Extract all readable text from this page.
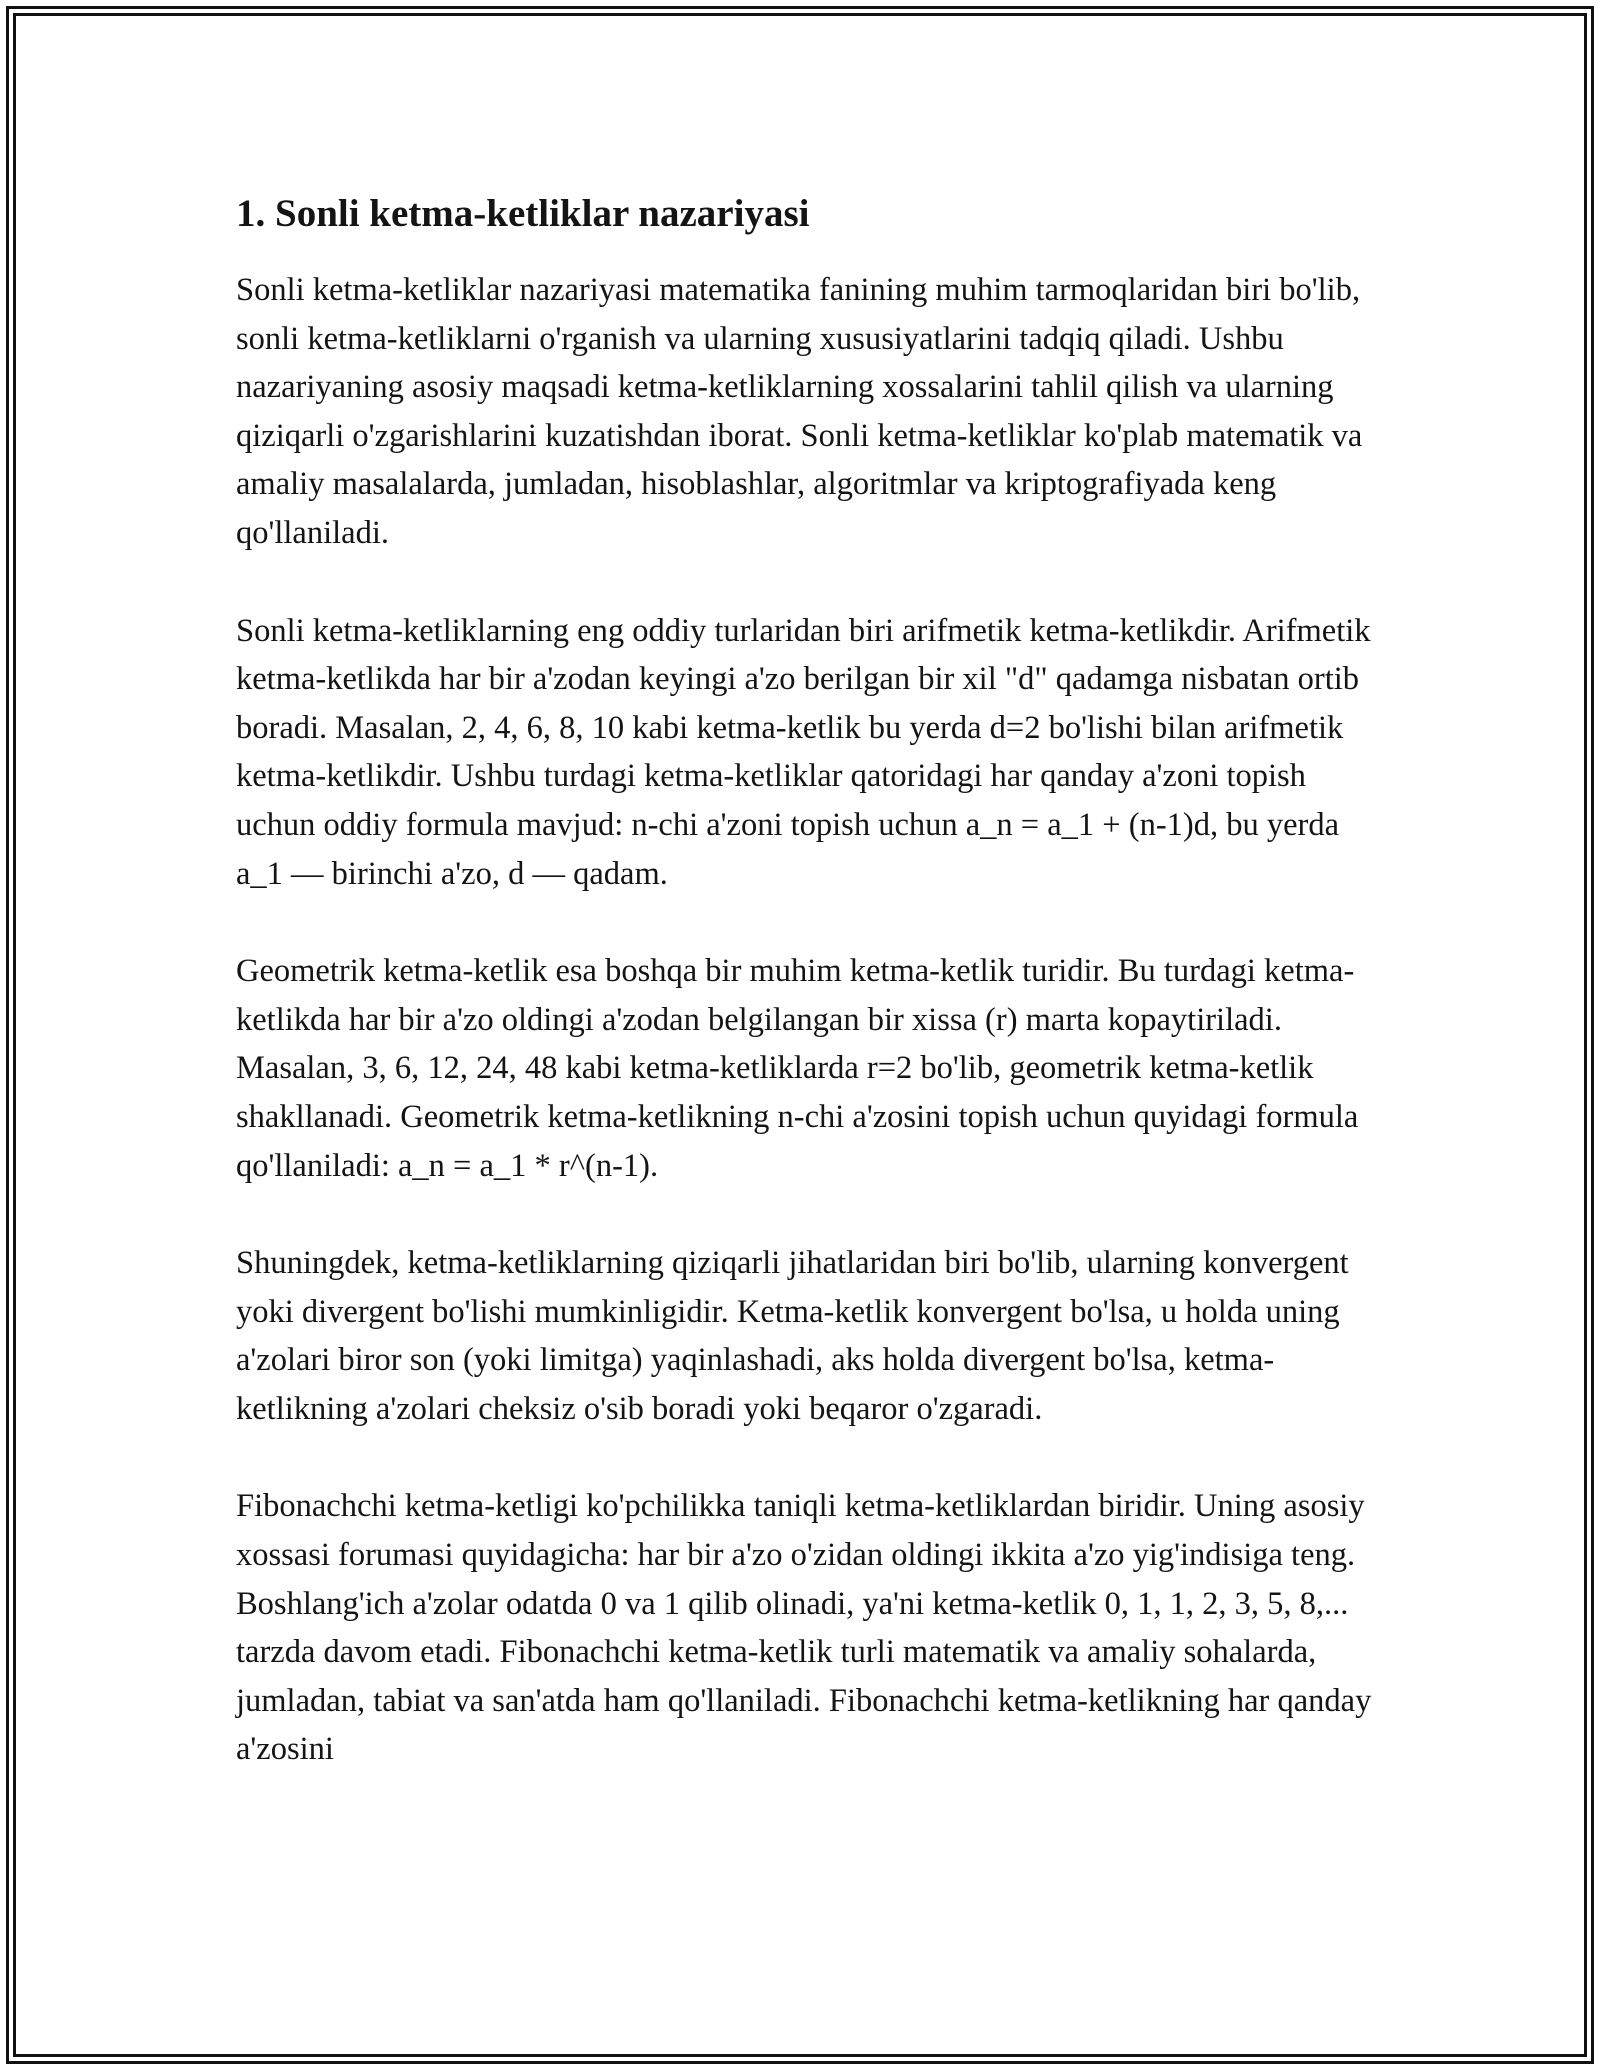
1. Sonli ketma-ketliklar nazariyasi

Sonli ketma-ketliklar nazariyasi matematika fanining muhim tarmoqlaridan biri bo'lib, sonli ketma-ketliklarni o'rganish va ularning xususiyatlarini tadqiq qiladi. Ushbu nazariyaning asosiy maqsadi ketma-ketliklarning xossalarini tahlil qilish va ularning qiziqarli o'zgarishlarini kuzatishdan iborat. Sonli ketma-ketliklar ko'plab matematik va amaliy masalalarda, jumladan, hisoblashlar, algoritmlar va kriptografiyada keng qo'llaniladi.

Sonli ketma-ketliklarning eng oddiy turlaridan biri arifmetik ketma-ketlikdir. Arifmetik ketma-ketlikda har bir a'zodan keyingi a'zo berilgan bir xil "d" qadamga nisbatan ortib boradi. Masalan, 2, 4, 6, 8, 10 kabi ketma-ketlik bu yerda d=2 bo'lishi bilan arifmetik ketma-ketlikdir. Ushbu turdagi ketma-ketliklar qatoridagi har qanday a'zoni topish uchun oddiy formula mavjud: n-chi a'zoni topish uchun a_n = a_1 + (n-1)d, bu yerda a_1 — birinchi a'zo, d — qadam.

Geometrik ketma-ketlik esa boshqa bir muhim ketma-ketlik turidir. Bu turdagi ketma-ketlikda har bir a'zo oldingi a'zodan belgilangan bir xissa (r) marta kopaytiriladi. Masalan, 3, 6, 12, 24, 48 kabi ketma-ketliklarda r=2 bo'lib, geometrik ketma-ketlik shakllanadi. Geometrik ketma-ketlikning n-chi a'zosini topish uchun quyidagi formula qo'llaniladi: a_n = a_1 * r^(n-1).

Shuningdek, ketma-ketliklarning qiziqarli jihatlaridan biri bo'lib, ularning konvergent yoki divergent bo'lishi mumkinligidir. Ketma-ketlik konvergent bo'lsa, u holda uning a'zolari biror son (yoki limitga) yaqinlashadi, aks holda divergent bo'lsa, ketma-ketlikning a'zolari cheksiz o'sib boradi yoki beqaror o'zgaradi.

Fibonachchi ketma-ketligi ko'pchilikka taniqli ketma-ketliklardan biridir. Uning asosiy xossasi forumasi quyidagicha: har bir a'zo o'zidan oldingi ikkita a'zo yig'indisiga teng. Boshlang'ich a'zolar odatda 0 va 1 qilib olinadi, ya'ni ketma-ketlik 0, 1, 1, 2, 3, 5, 8,... tarzda davom etadi. Fibonachchi ketma-ketlik turli matematik va amaliy sohalarda, jumladan, tabiat va san'atda ham qo'llaniladi. Fibonachchi ketma-ketlikning har qanday a'zosini
